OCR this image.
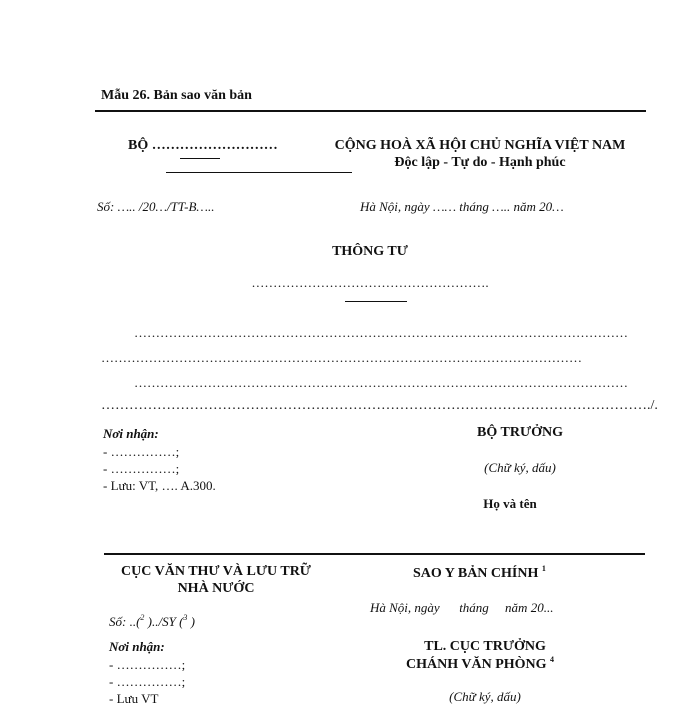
Mẫu 26. Bản sao văn bản
BỘ ………………………	CỘNG HOÀ XÃ HỘI CHỦ NGHĨA VIỆT NAM
Độc lập - Tự do - Hạnh phúc
Số: ….. /20…/TT-B…..	Hà Nội, ngày …… tháng ….. năm 20…
THÔNG TƯ
……………………………………………….
……………………………………………………………………………………………………
…………………………………………………………………………………………………
……………………………………………………………………………………………………
………………………………………………………………………………………………………./.
Nơi nhận:
- ……………;
- ……………;
- Lưu: VT, …. A.300.
BỘ TRƯỞNG
(Chữ ký, dấu)
Họ và tên
CỤC VĂN THƯ VÀ LƯU TRỮ
NHÀ NƯỚC
SAO Y BẢN CHÍNH $^1$
Số: ..($^2$ )../SY ($^3$ )
Hà Nội, ngày      tháng     năm 20...
Nơi nhận:
- ……………;
- ……………;
- Lưu VT
TL. CỤC TRƯỞNG
CHÁNH VĂN PHÒNG $^4$
(Chữ ký, dấu)
